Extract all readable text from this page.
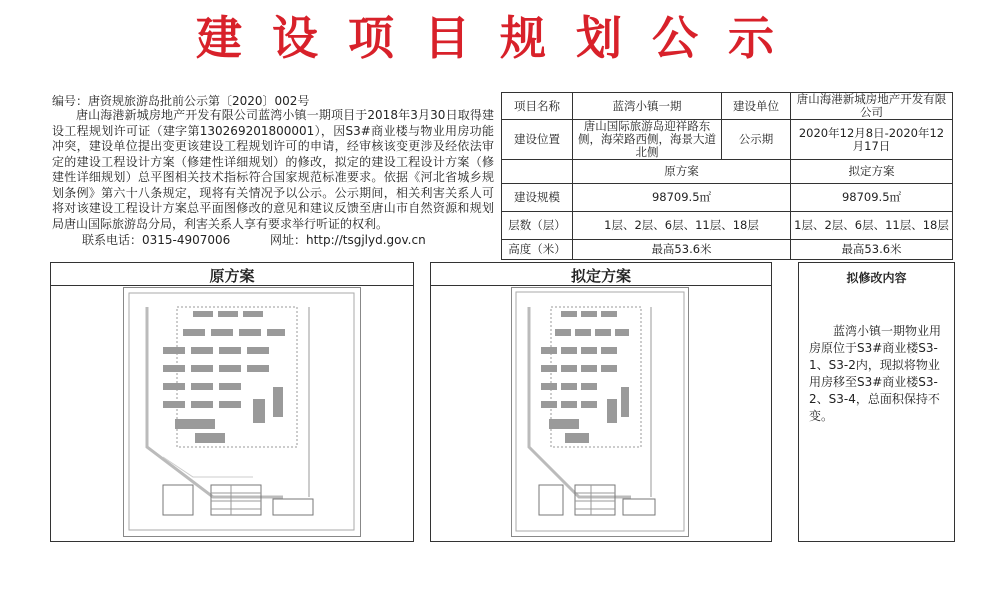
建设项目规划公示
编号：唐资规旅游岛批前公示第〔2020〕002号

唐山海港新城房地产开发有限公司蓝湾小镇一期项目于2018年3月30日取得建设工程规划许可证（建字第130269201800001），因S3#商业楼与物业用房功能冲突，建设单位提出变更该建设工程规划许可的申请，经审核该变更涉及经依法审定的建设工程设计方案（修建性详细规划）的修改，拟定的建设工程设计方案（修建性详细规划）总平图相关技术指标符合国家规范标准要求。依据《河北省城乡规划条例》第六十八条规定，现将有关情况予以公示。公示期间，相关利害关系人可将对该建设工程设计方案总平面图修改的意见和建议反馈至唐山市自然资源和规划局唐山国际旅游岛分局，利害关系人享有要求举行听证的权利。

联系电话：0315-4907006	网址：http://tsgjlyd.gov.cn
项目名称	蓝湾小镇一期	建设单位	唐山海港新城房地产开发有限公司
建设位置	唐山国际旅游岛迎祥路东侧，海荣路西侧，海景大道北侧	公示期	2020年12月8日-2020年12月17日
	原方案		拟定方案
建设规模	98709.5㎡		98709.5㎡
层数（层）	1层、2层、6层、11层、18层		1层、2层、6层、11层、18层
高度（米）	最高53.6米		最高53.6米
原方案	拟定方案	拟修改内容

蓝湾小镇一期物业用房原位于S3#商业楼S3-1、S3-2内，现拟将物业用房移至S3#商业楼S3-2、S3-4，总面积保持不变。
